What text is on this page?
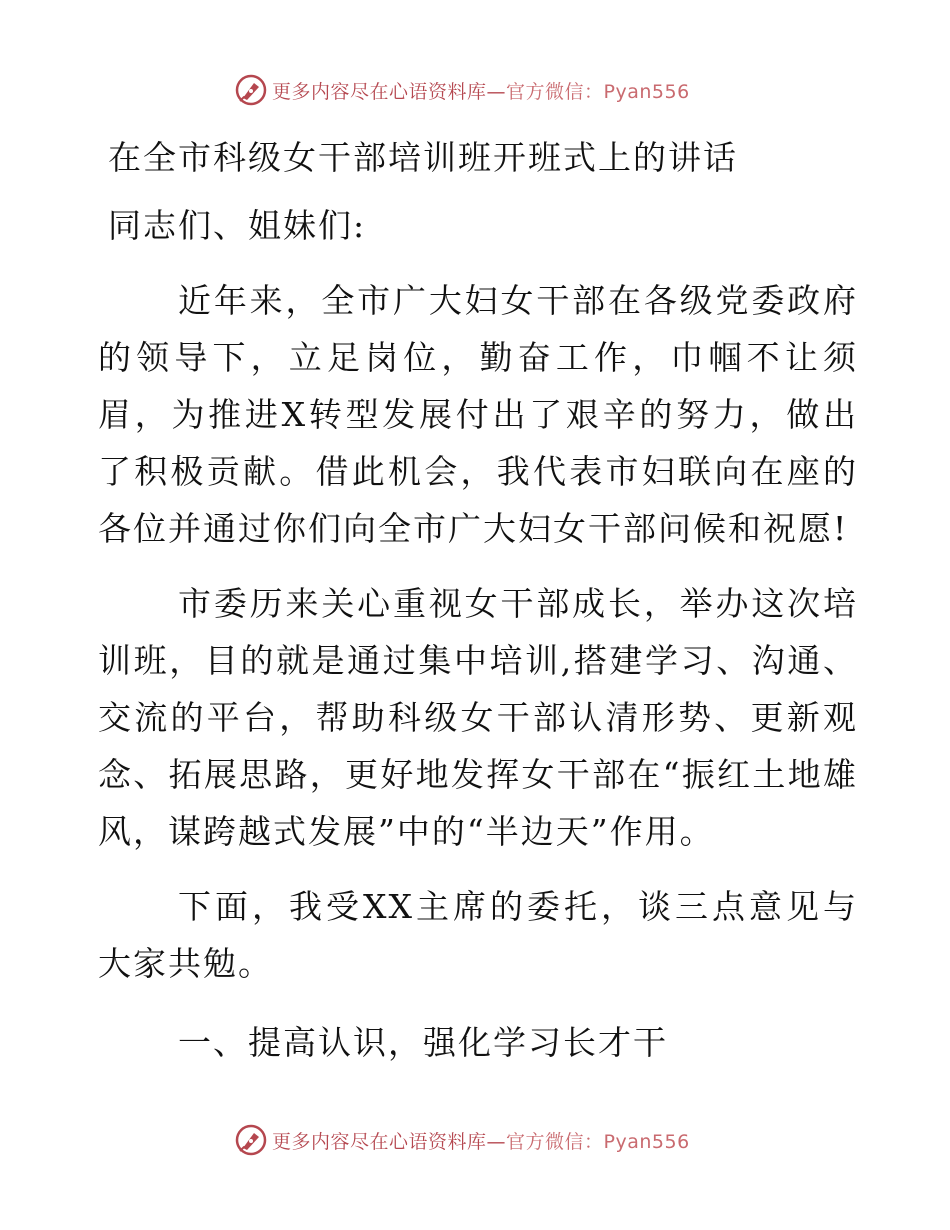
更多内容尽在心语资料库—官方微信：Pyan556
在全市科级女干部培训班开班式上的讲话
同志们、姐妹们:

近年来，全市广大妇女干部在各级党委政府的领导下，立足岗位，勤奋工作，巾帼不让须眉，为推进X转型发展付出了艰辛的努力，做出了积极贡献。借此机会，我代表市妇联向在座的各位并通过你们向全市广大妇女干部问候和祝愿!

市委历来关心重视女干部成长，举办这次培训班，目的就是通过集中培训,搭建学习、沟通、交流的平台，帮助科级女干部认清形势、更新观念、拓展思路，更好地发挥女干部在“振红土地雄风，谋跨越式发展”中的“半边天”作用。

下面，我受XX主席的委托，谈三点意见与大家共勉。

一、提高认识，强化学习长才干
更多内容尽在心语资料库—官方微信：Pyan556
